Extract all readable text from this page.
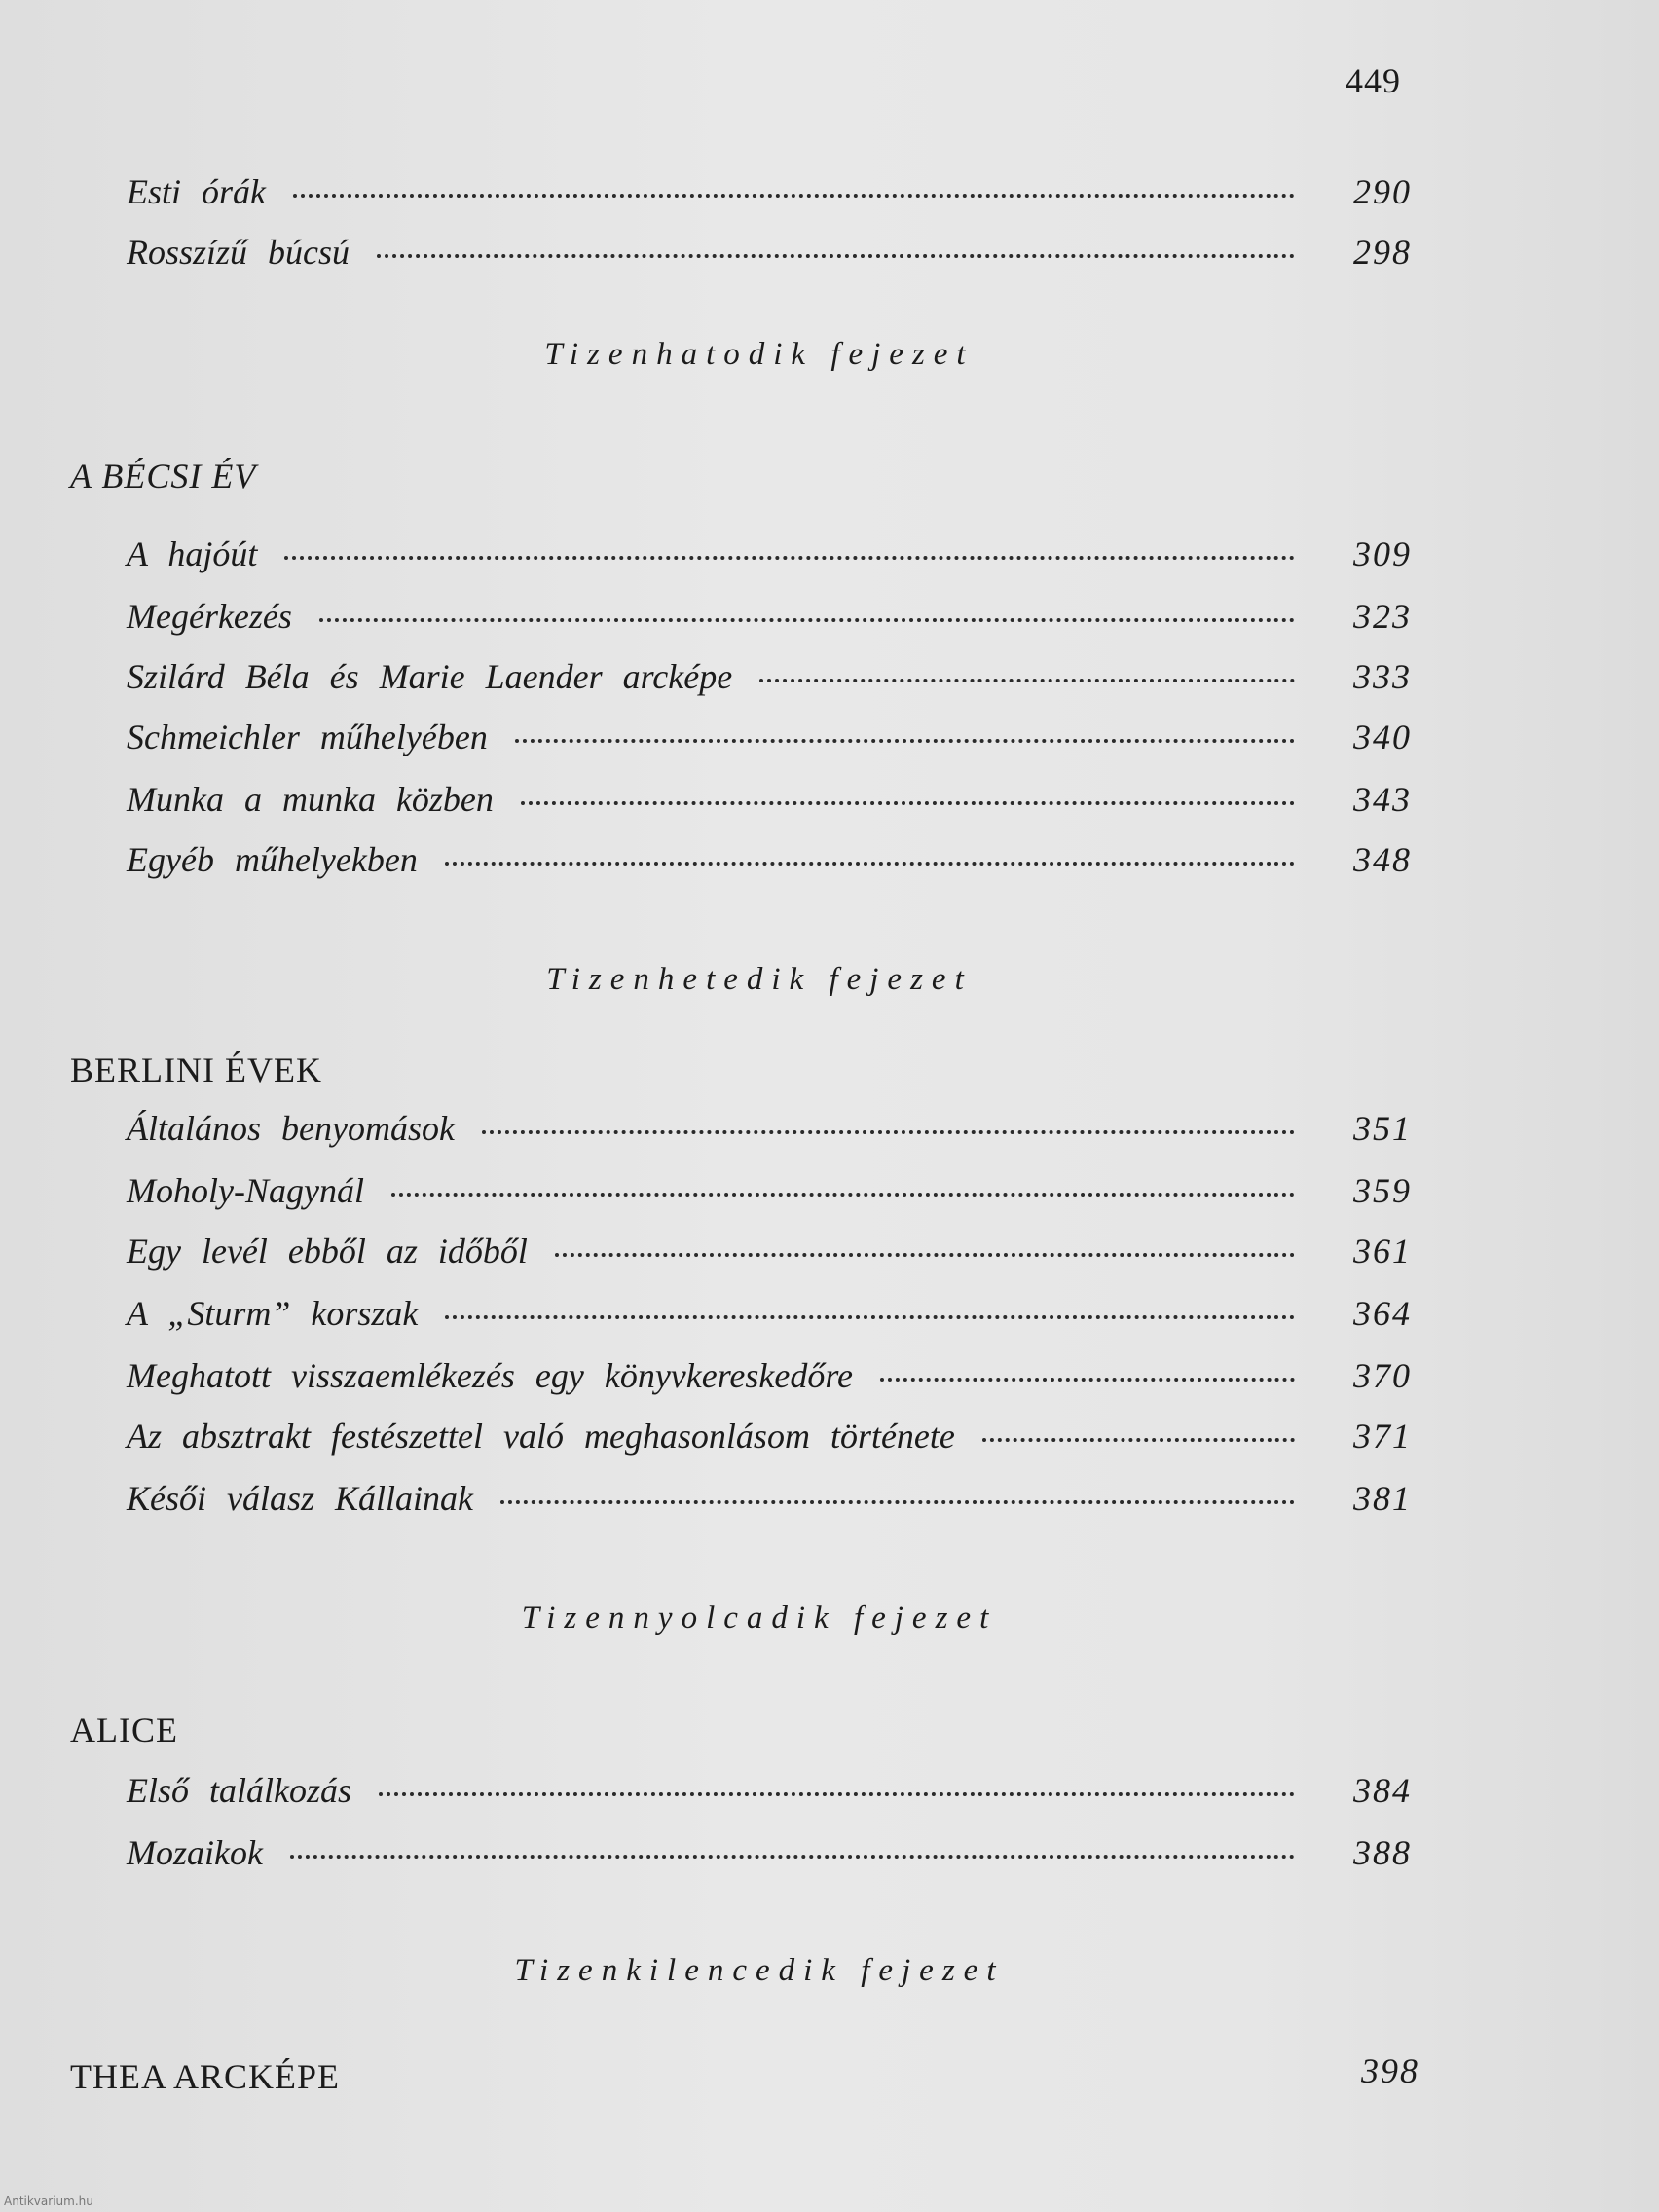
449
Esti órák	290
Rosszízű búcsú	298
Tizenhatodik fejezet
A BÉCSI ÉV
A hajóút	309
Megérkezés	323
Szilárd Béla és Marie Laender arcképe	333
Schmeichler műhelyében	340
Munka a munka közben	343
Egyéb műhelyekben	348
Tizenhetedik fejezet
BERLINI ÉVEK
Általános benyomások	351
Moholy-Nagynál	359
Egy levél ebből az időből	361
A „Sturm” korszak	364
Meghatott visszaemlékezés egy könyvkereskedőre	370
Az absztrakt festészettel való meghasonlásom története	371
Késői válasz Kállainak	381
Tizennyolcadik fejezet
ALICE
Első találkozás	384
Mozaikok	388
Tizenkilencedik fejezet
THEA ARCKÉPE	398
Antikvarium.hu
